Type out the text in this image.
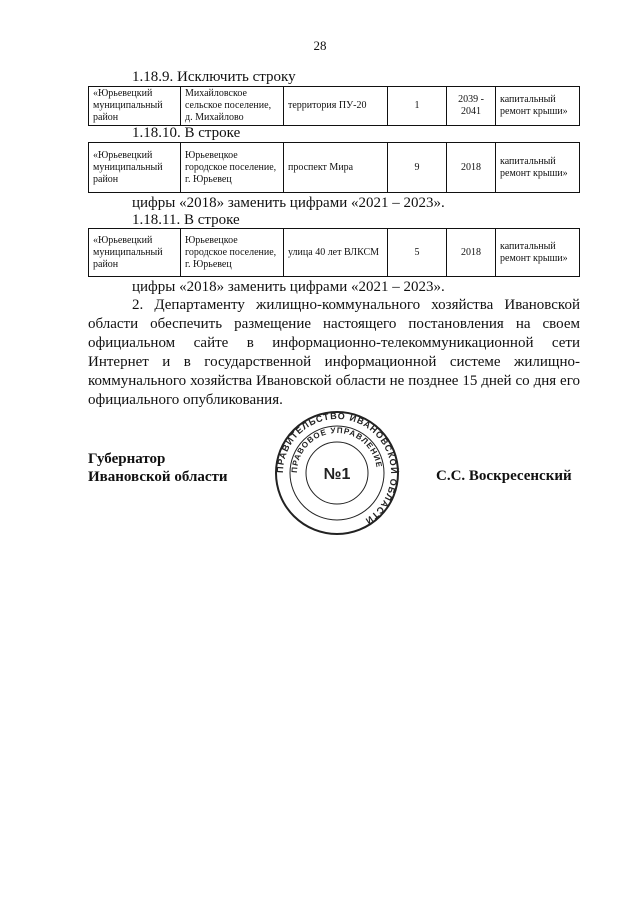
28
1.18.9. Исключить строку
«Юрьевецкий муниципальный район	Михайловское сельское поселение, д. Михайлово	территория ПУ-20	1	2039 - 2041	капитальный ремонт крыши»
1.18.10. В строке
«Юрьевецкий муниципальный район	Юрьевецкое городское поселение, г. Юрьевец	проспект Мира	9	2018	капитальный ремонт крыши»
цифры «2018» заменить цифрами «2021 – 2023».
1.18.11. В строке
«Юрьевецкий муниципальный район	Юрьевецкое городское поселение, г. Юрьевец	улица 40 лет ВЛКСМ	5	2018	капитальный ремонт крыши»
цифры «2018» заменить цифрами «2021 – 2023».
2. Департаменту жилищно-коммунального хозяйства Ивановской области обеспечить размещение настоящего постановления на своем официальном сайте в информационно-телекоммуникационной сети Интернет и в государственной информационной системе жилищно-коммунального хозяйства Ивановской области не позднее 15 дней со дня его официального опубликования.
Губернатор
Ивановской области	ПРАВИТЕЛЬСТВО ИВАНОВСКОЙ ОБЛАСТИ
ПРАВОВОЕ УПРАВЛЕНИЕ
№1	С.С. Воскресенский
